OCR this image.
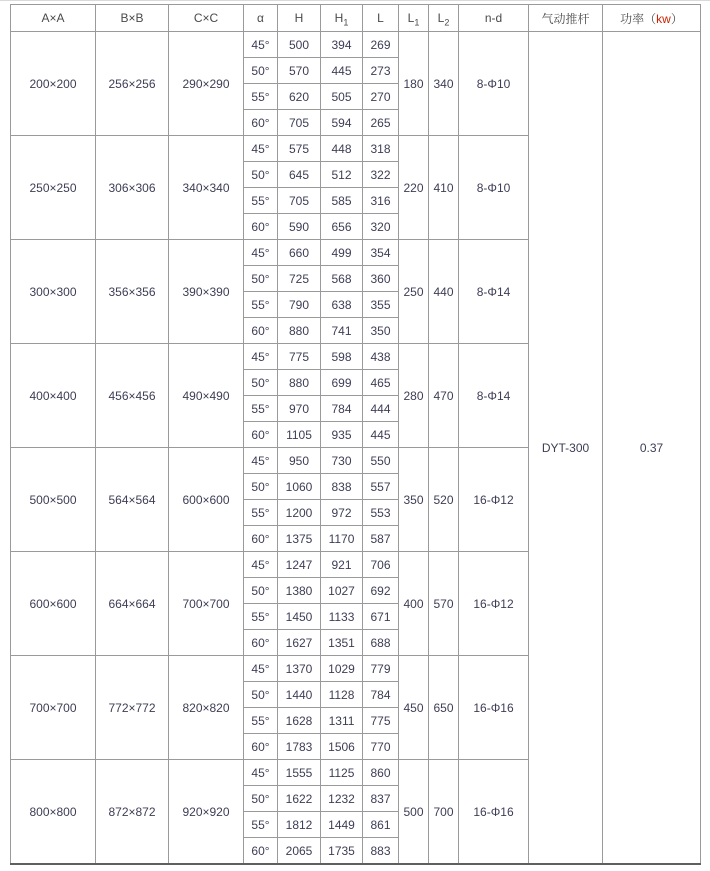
A×A	B×B	C×C	α	H	$H_1$	L	$L_1$	$L_2$	n-d	气动推杆	功率（kw）
200×200	256×256	290×290	45°	500	394	269	180	340	8-Φ10	DYT-300	0.37
			50°	570	445	273					
			55°	620	505	270					
			60°	705	594	265					
250×250	306×306	340×340	45°	575	448	318	220	410	8-Φ10		
			50°	645	512	322					
			55°	705	585	316					
			60°	590	656	320					
300×300	356×356	390×390	45°	660	499	354	250	440	8-Φ14		
			50°	725	568	360					
			55°	790	638	355					
			60°	880	741	350					
400×400	456×456	490×490	45°	775	598	438	280	470	8-Φ14		
			50°	880	699	465					
			55°	970	784	444					
			60°	1105	935	445					
500×500	564×564	600×600	45°	950	730	550	350	520	16-Φ12		
			50°	1060	838	557					
			55°	1200	972	553					
			60°	1375	1170	587					
600×600	664×664	700×700	45°	1247	921	706	400	570	16-Φ12		
			50°	1380	1027	692					
			55°	1450	1133	671					
			60°	1627	1351	688					
700×700	772×772	820×820	45°	1370	1029	779	450	650	16-Φ16		
			50°	1440	1128	784					
			55°	1628	1311	775					
			60°	1783	1506	770					
800×800	872×872	920×920	45°	1555	1125	860	500	700	16-Φ16		
			50°	1622	1232	837					
			55°	1812	1449	861					
			60°	2065	1735	883					
